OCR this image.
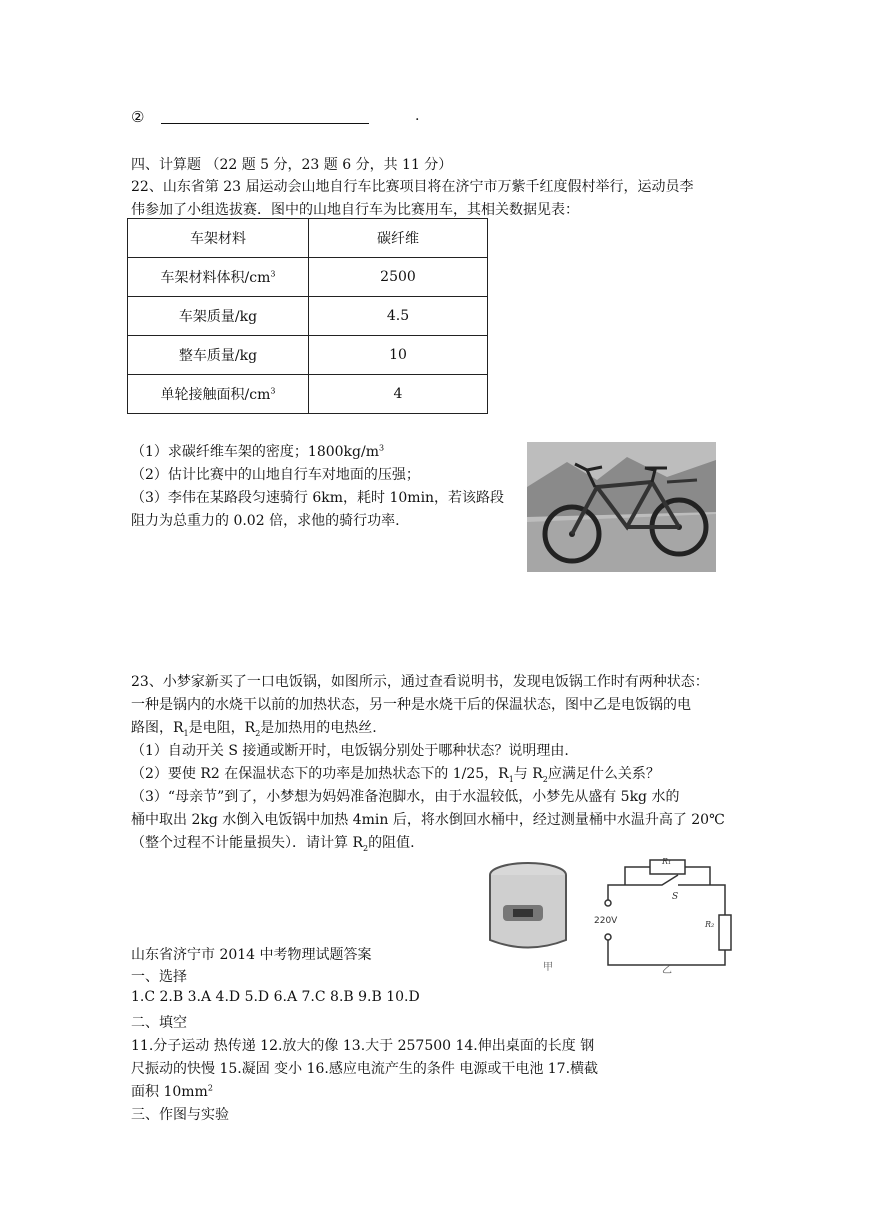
②	.
四、计算题 （22 题 5 分，23 题 6 分，共 11 分）
22、山东省第 23 届运动会山地自行车比赛项目将在济宁市万紫千红度假村举行，运动员李
伟参加了小组选拔赛．图中的山地自行车为比赛用车，其相关数据见表：
车架材料	碳纤维
车架材料体积$/cm^3$	2500
车架质量/kg	4.5
整车质量/kg	10
单轮接触面积$/cm^3$	4
（1）求碳纤维车架的密度；$1800kg/m^3$
（2）估计比赛中的山地自行车对地面的压强；
（3）李伟在某路段匀速骑行 6km，耗时 10min，若该路段
阻力为总重力的 0.02 倍，求他的骑行功率.
23、小梦家新买了一口电饭锅，如图所示，通过查看说明书，发现电饭锅工作时有两种状态：
一种是锅内的水烧干以前的加热状态，另一种是水烧干后的保温状态，图中乙是电饭锅的电
路图，$R_1$是电阻，$R_2$是加热用的电热丝.
（1）自动开关 S 接通或断开时，电饭锅分别处于哪种状态？说明理由.
（2）要使 R2 在保温状态下的功率是加热状态下的 1/25，$R_1$与 $R_2$应满足什么关系？
（3）“母亲节”到了，小梦想为妈妈准备泡脚水，由于水温较低，小梦先从盛有 5kg 水的
桶中取出 2kg 水倒入电饭锅中加热 4min 后，将水倒回水桶中，经过测量桶中水温升高了 20℃
（整个过程不计能量损失）．请计算 $R_2$的阻值.
甲
R₁
S
R₂
220V
乙
山东省济宁市 2014 中考物理试题答案
一、选择
1.C 2.B 3.A 4.D 5.D 6.A 7.C 8.B 9.B 10.D
二、填空
11.分子运动 热传递 12.放大的像 13.大于 257500 14.伸出桌面的长度 钢
尺振动的快慢 15.凝固 变小 16.感应电流产生的条件 电源或干电池 17.横截
面积 $10mm^2$
三、作图与实验
